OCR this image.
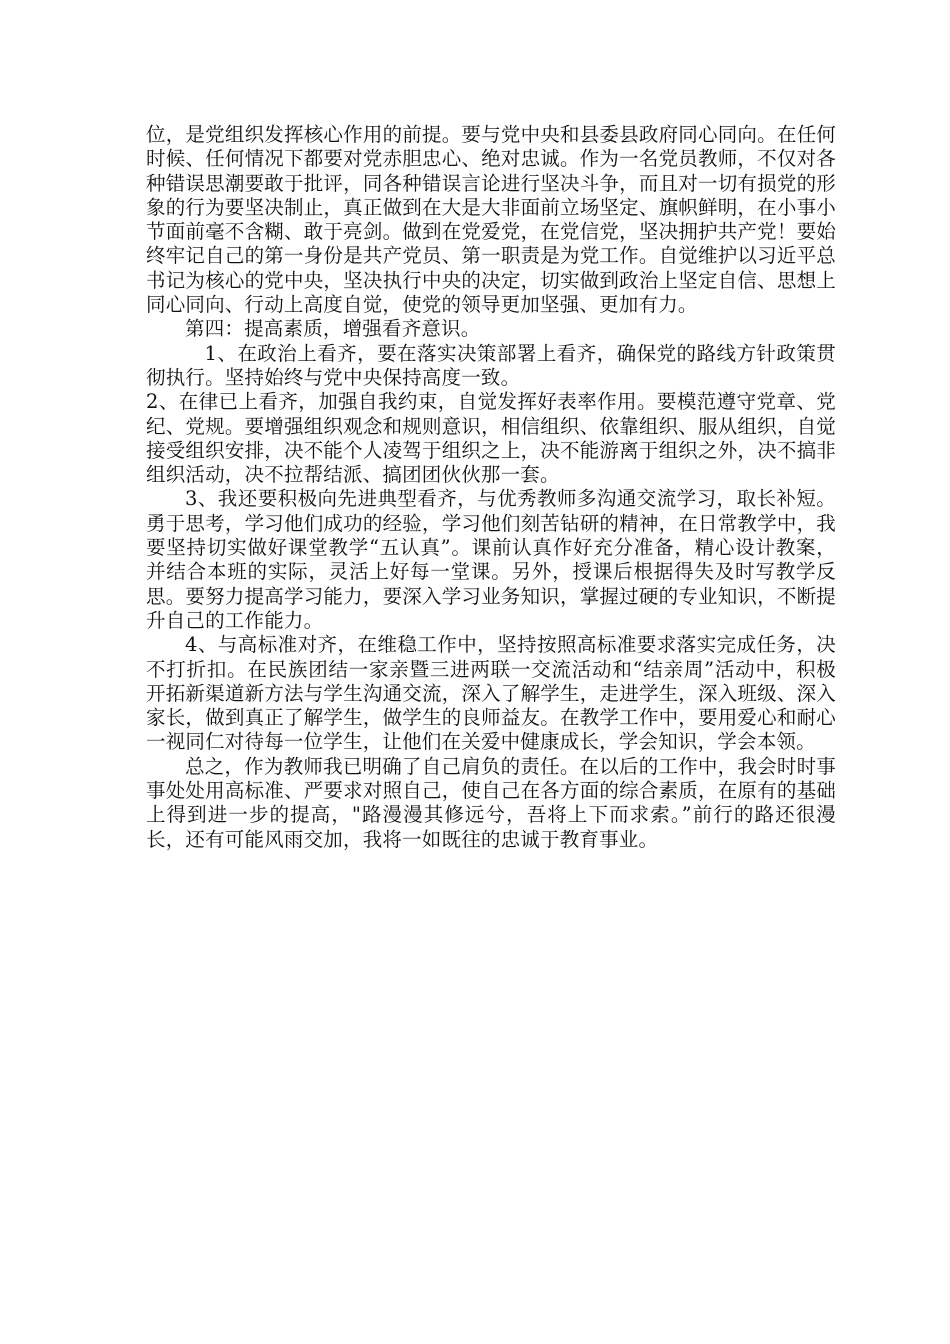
位，是党组织发挥核心作用的前提。要与党中央和县委县政府同心同向。在任何时候、任何情况下都要对党赤胆忠心、绝对忠诚。作为一名党员教师，不仅对各种错误思潮要敢于批评，同各种错误言论进行坚决斗争，而且对一切有损党的形象的行为要坚决制止，真正做到在大是大非面前立场坚定、旗帜鲜明，在小事小节面前毫不含糊、敢于亮剑。做到在党爱党，在党信党，坚决拥护共产党！要始终牢记自己的第一身份是共产党员、第一职责是为党工作。自觉维护以习近平总书记为核心的党中央，坚决执行中央的决定，切实做到政治上坚定自信、思想上同心同向、行动上高度自觉，使党的领导更加坚强、更加有力。

第四：提高素质，增强看齐意识。

1、在政治上看齐，要在落实决策部署上看齐，确保党的路线方针政策贯彻执行。坚持始终与党中央保持高度一致。

2、在律已上看齐，加强自我约束，自觉发挥好表率作用。要模范遵守党章、党纪、党规。要增强组织观念和规则意识，相信组织、依靠组织、服从组织，自觉接受组织安排，决不能个人凌驾于组织之上，决不能游离于组织之外，决不搞非组织活动，决不拉帮结派、搞团团伙伙那一套。

3、我还要积极向先进典型看齐，与优秀教师多沟通交流学习，取长补短。勇于思考，学习他们成功的经验，学习他们刻苦钻研的精神，在日常教学中，我要坚持切实做好课堂教学“五认真”。课前认真作好充分准备，精心设计教案，并结合本班的实际，灵活上好每一堂课。另外，授课后根据得失及时写教学反思。要努力提高学习能力，要深入学习业务知识，掌握过硬的专业知识，不断提升自己的工作能力。

4、与高标准对齐，在维稳工作中，坚持按照高标准要求落实完成任务，决不打折扣。在民族团结一家亲暨三进两联一交流活动和“结亲周”活动中，积极开拓新渠道新方法与学生沟通交流，深入了解学生，走进学生，深入班级、深入家长，做到真正了解学生，做学生的良师益友。在教学工作中，要用爱心和耐心一视同仁对待每一位学生，让他们在关爱中健康成长，学会知识，学会本领。

总之，作为教师我已明确了自己肩负的责任。在以后的工作中，我会时时事事处处用高标准、严要求对照自己，使自己在各方面的综合素质，在原有的基础上得到进一步的提高，"路漫漫其修远兮，吾将上下而求索。”前行的路还很漫长，还有可能风雨交加，我将一如既往的忠诚于教育事业。
